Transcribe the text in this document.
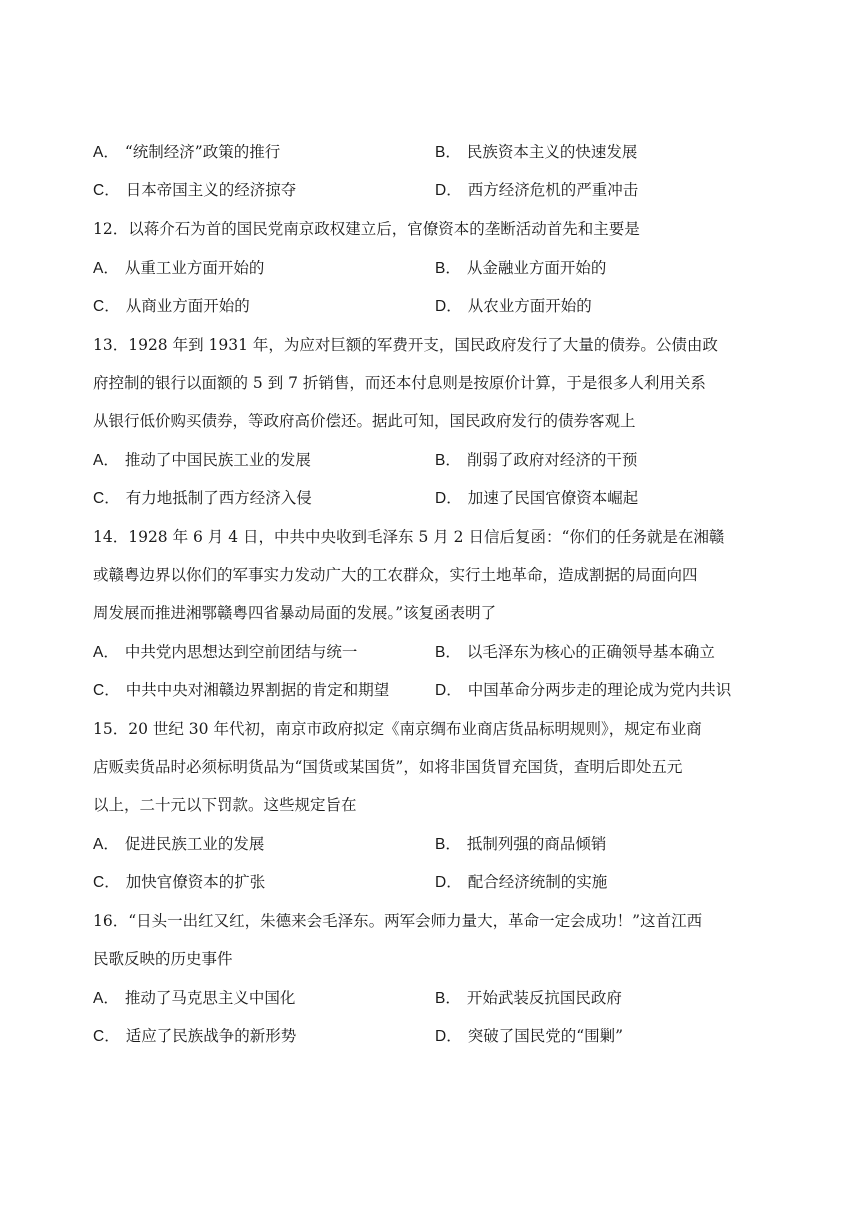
A． “统制经济”政策的推行	B． 民族资本主义的快速发展
C． 日本帝国主义的经济掠夺	D． 西方经济危机的严重冲击
12．以蒋介石为首的国民党南京政权建立后，官僚资本的垄断活动首先和主要是
A． 从重工业方面开始的	B． 从金融业方面开始的
C． 从商业方面开始的	D． 从农业方面开始的
13．1928 年到 1931 年，为应对巨额的军费开支，国民政府发行了大量的债券。公债由政
府控制的银行以面额的 5 到 7 折销售，而还本付息则是按原价计算，于是很多人利用关系
从银行低价购买债券，等政府高价偿还。据此可知，国民政府发行的债券客观上
A． 推动了中国民族工业的发展	B． 削弱了政府对经济的干预
C． 有力地抵制了西方经济入侵	D． 加速了民国官僚资本崛起
14．1928 年 6 月 4 日，中共中央收到毛泽东 5 月 2 日信后复函：“你们的任务就是在湘赣
或赣粤边界以你们的军事实力发动广大的工农群众，实行土地革命，造成割据的局面向四
周发展而推进湘鄂赣粤四省暴动局面的发展。”该复函表明了
A． 中共党内思想达到空前团结与统一	B． 以毛泽东为核心的正确领导基本确立
C． 中共中央对湘赣边界割据的肯定和期望	D． 中国革命分两步走的理论成为党内共识
15．20 世纪 30 年代初，南京市政府拟定《南京绸布业商店货品标明规则》，规定布业商
店贩卖货品时必须标明货品为“国货或某国货”，如将非国货冒充国货，查明后即处五元
以上，二十元以下罚款。这些规定旨在
A． 促进民族工业的发展	B． 抵制列强的商品倾销
C． 加快官僚资本的扩张	D． 配合经济统制的实施
16．“日头一出红又红，朱德来会毛泽东。两军会师力量大，革命一定会成功！”这首江西
民歌反映的历史事件
A． 推动了马克思主义中国化	B． 开始武装反抗国民政府
C． 适应了民族战争的新形势	D． 突破了国民党的“围剿”
